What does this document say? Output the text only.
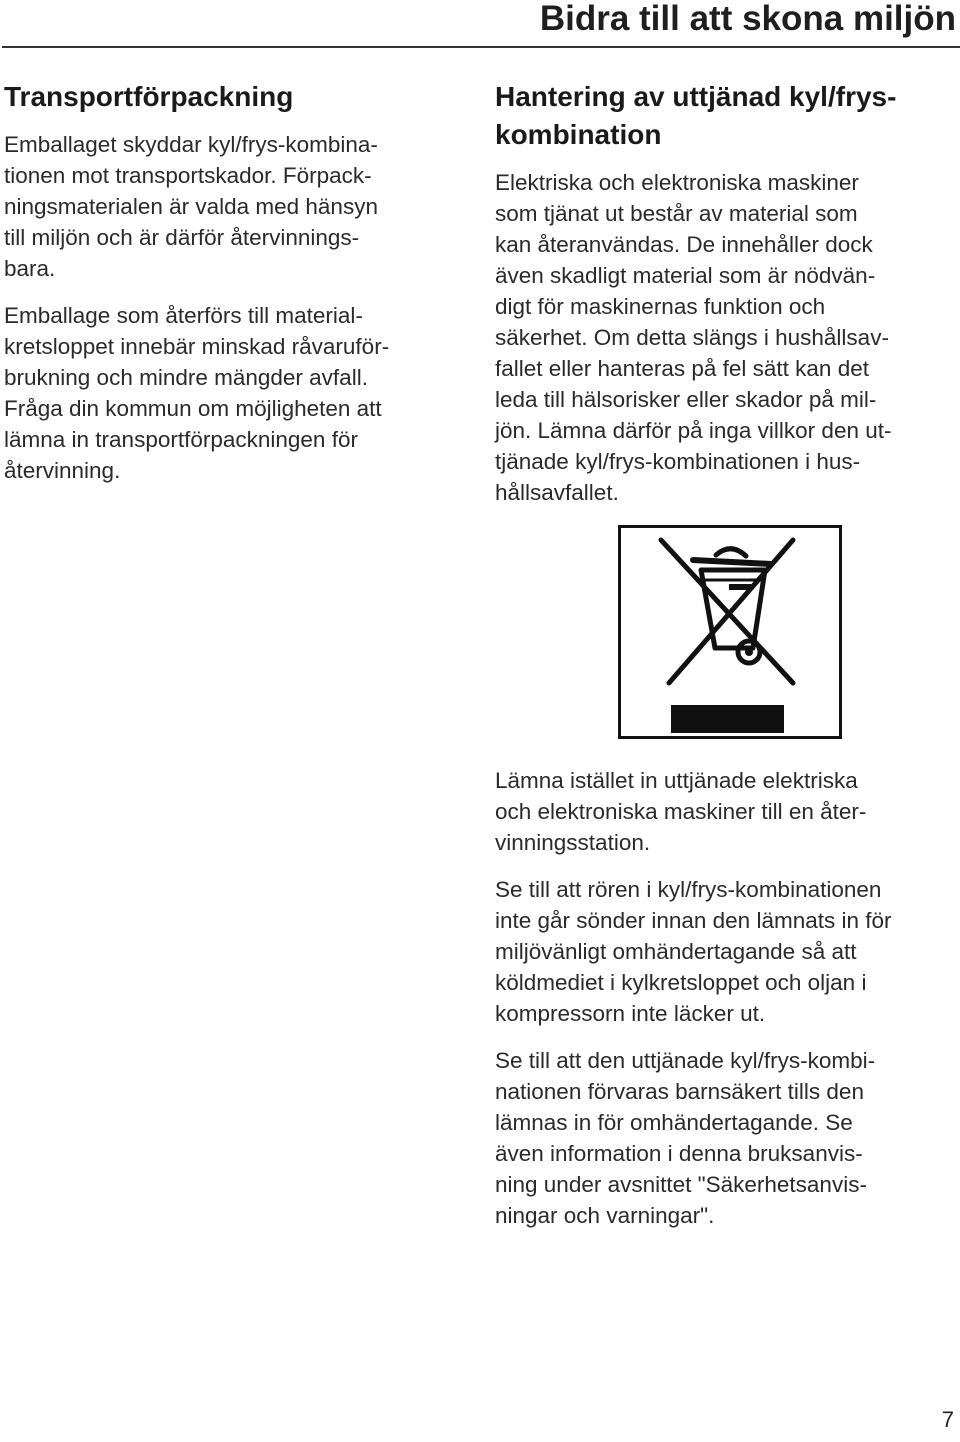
Bidra till att skona miljön
Transportförpackning

Emballaget skyddar kyl/frys-kombina-
tionen mot transportskador. Förpack-
ningsmaterialen är valda med hänsyn
till miljön och är därför återvinnings-
bara.

Emballage som återförs till material-
kretsloppet innebär minskad råvaruför-
brukning och mindre mängder avfall.
Fråga din kommun om möjligheten att
lämna in transportförpackningen för
återvinning.

Hantering av uttjänad kyl/frys-
kombination

Elektriska och elektroniska maskiner
som tjänat ut består av material som
kan återanvändas. De innehåller dock
även skadligt material som är nödvän-
digt för maskinernas funktion och
säkerhet. Om detta slängs i hushållsav-
fallet eller hanteras på fel sätt kan det
leda till hälsorisker eller skador på mil-
jön. Lämna därför på inga villkor den ut-
tjänade kyl/frys-kombinationen i hus-
hållsavfallet.

Lämna istället in uttjänade elektriska
och elektroniska maskiner till en åter-
vinningsstation.

Se till att rören i kyl/frys-kombinationen
inte går sönder innan den lämnats in för
miljövänligt omhändertagande så att
köldmediet i kylkretsloppet och oljan i
kompressorn inte läcker ut.

Se till att den uttjänade kyl/frys-kombi-
nationen förvaras barnsäkert tills den
lämnas in för omhändertagande. Se
även information i denna bruksanvis-
ning under avsnittet "Säkerhetsanvis-
ningar och varningar".

7
